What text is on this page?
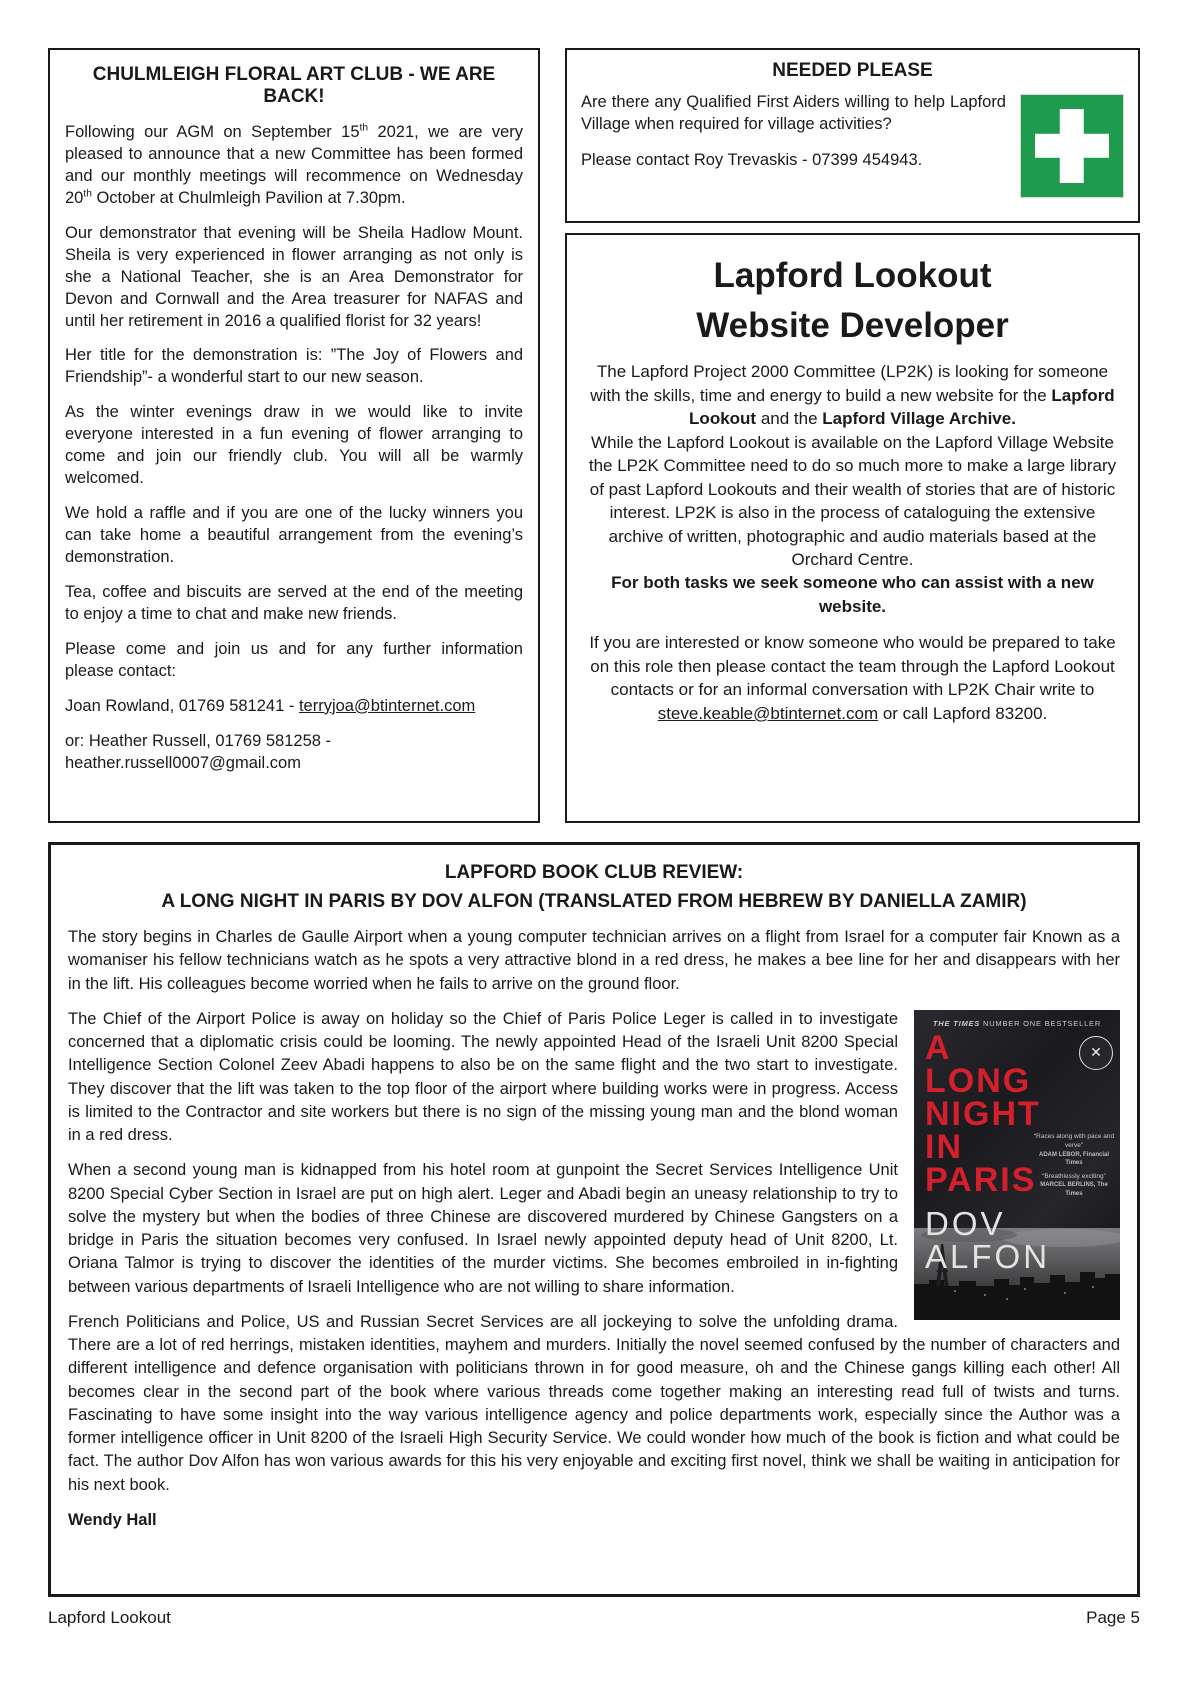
CHULMLEIGH FLORAL ART CLUB - WE ARE BACK!

Following our AGM on September 15th 2021, we are very pleased to announce that a new Committee has been formed and our monthly meetings will recommence on Wednesday 20th October at Chulmleigh Pavilion at 7.30pm.

Our demonstrator that evening will be Sheila Hadlow Mount. Sheila is very experienced in flower arranging as not only is she a National Teacher, she is an Area Demonstrator for Devon and Cornwall and the Area treasurer for NAFAS and until her retirement in 2016 a qualified florist for 32 years!

Her title for the demonstration is: ”The Joy of Flowers and Friendship”- a wonderful start to our new season.

As the winter evenings draw in we would like to invite everyone interested in a fun evening of flower arranging to come and join our friendly club. You will all be warmly welcomed.

We hold a raffle and if you are one of the lucky winners you can take home a beautiful arrangement from the evening’s demonstration.

Tea, coffee and biscuits are served at the end of the meeting to enjoy a time to chat and make new friends.

Please come and join us and for any further information please contact:

Joan Rowland, 01769 581241 - terryjoa@btinternet.com

or: Heather Russell, 01769 581258 -
heather.russell0007@gmail.com

NEEDED PLEASE

Are there any Qualified First Aiders willing to help Lapford Village when required for village activities?

Please contact Roy Trevaskis - 07399 454943.

Lapford Lookout
Website Developer

The Lapford Project 2000 Committee (LP2K) is looking for someone with the skills, time and energy to build a new website for the Lapford Lookout and the Lapford Village Archive.

While the Lapford Lookout is available on the Lapford Village Website the LP2K Committee need to do so much more to make a large library of past Lapford Lookouts and their wealth of stories that are of historic interest. LP2K is also in the process of cataloguing the extensive archive of written, photographic and audio materials based at the Orchard Centre.

For both tasks we seek someone who can assist with a new website.

If you are interested or know someone who would be prepared to take on this role then please contact the team through the Lapford Lookout contacts or for an informal conversation with LP2K Chair write to steve.keable@btinternet.com or call Lapford 83200.

LAPFORD BOOK CLUB REVIEW:
A LONG NIGHT IN PARIS BY DOV ALFON (TRANSLATED FROM HEBREW BY DANIELLA ZAMIR)

The story begins in Charles de Gaulle Airport when a young computer technician arrives on a flight from Israel for a computer fair Known as a womaniser his fellow technicians watch as he spots a very attractive blond in a red dress, he makes a bee line for her and disappears with her in the lift. His colleagues become worried when he fails to arrive on the ground floor.

THE TIMES NUMBER ONE BESTSELLER
✕
A
LONG
NIGHT
IN
PARIS
“Races along with pace and verve”
ADAM LEBOR, Financial Times
“Breathlessly exciting”
MARCEL BERLINS, The Times
DOV
ALFON

The Chief of the Airport Police is away on holiday so the Chief of Paris Police Leger is called in to investigate concerned that a diplomatic crisis could be looming. The newly appointed Head of the Israeli Unit 8200 Special Intelligence Section Colonel Zeev Abadi happens to also be on the same flight and the two start to investigate. They discover that the lift was taken to the top floor of the airport where building works were in progress. Access is limited to the Contractor and site workers but there is no sign of the missing young man and the blond woman in a red dress.

When a second young man is kidnapped from his hotel room at gunpoint the Secret Services Intelligence Unit 8200 Special Cyber Section in Israel are put on high alert. Leger and Abadi begin an uneasy relationship to try to solve the mystery but when the bodies of three Chinese are discovered murdered by Chinese Gangsters on a bridge in Paris the situation becomes very confused. In Israel newly appointed deputy head of Unit 8200, Lt. Oriana Talmor is trying to discover the identities of the murder victims. She becomes embroiled in in-fighting between various departments of Israeli Intelligence who are not willing to share information.

French Politicians and Police, US and Russian Secret Services are all jockeying to solve the unfolding drama. There are a lot of red herrings, mistaken identities, mayhem and murders. Initially the novel seemed confused by the number of characters and different intelligence and defence organisation with politicians thrown in for good measure, oh and the Chinese gangs killing each other! All becomes clear in the second part of the book where various threads come together making an interesting read full of twists and turns. Fascinating to have some insight into the way various intelligence agency and police departments work, especially since the Author was a former intelligence officer in Unit 8200 of the Israeli High Security Service. We could wonder how much of the book is fiction and what could be fact. The author Dov Alfon has won various awards for this his very enjoyable and exciting first novel, think we shall be waiting in anticipation for his next book.

Wendy Hall

Lapford Lookout	Page 5
